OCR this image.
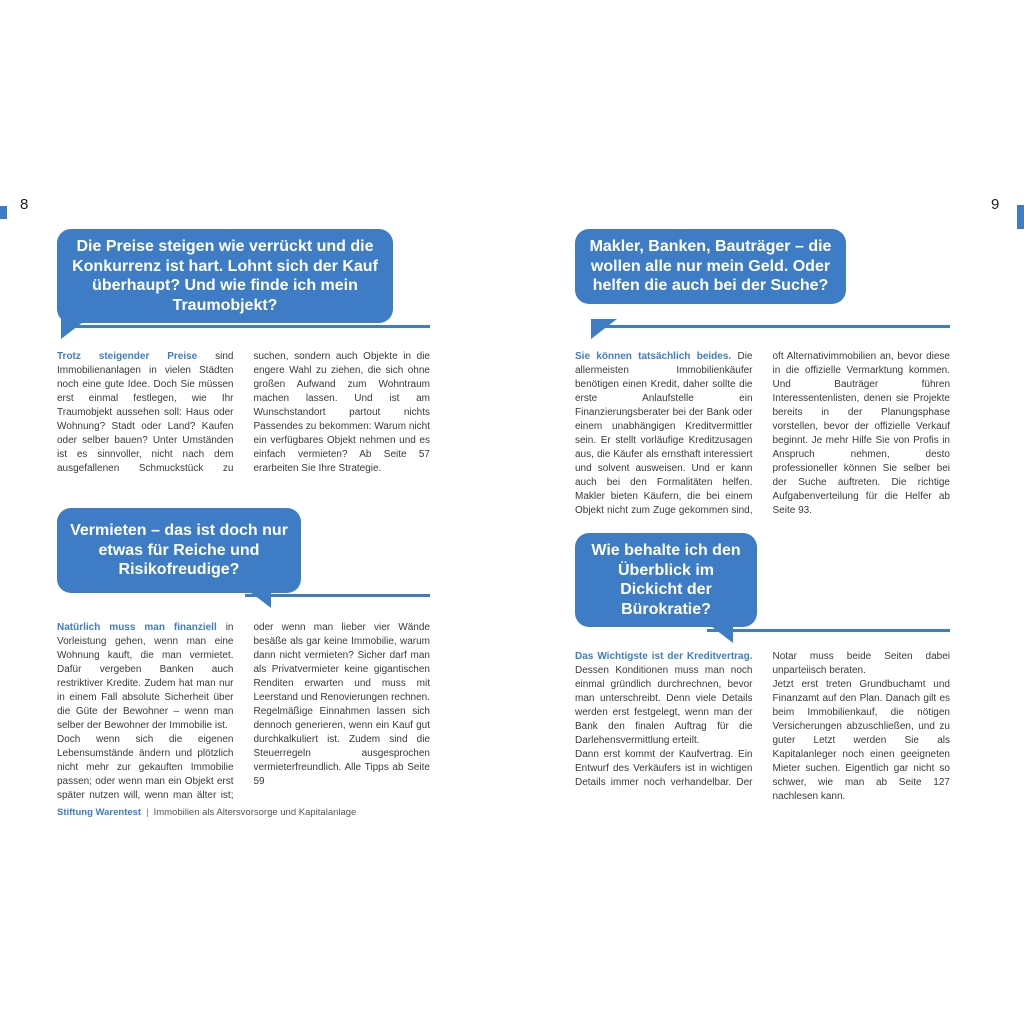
8	9
Die Preise steigen wie verrückt und die Konkurrenz ist hart. Lohnt sich der Kauf überhaupt? Und wie finde ich mein Traumobjekt?

Trotz steigender Preise sind Immobilienanlagen in vielen Städten noch eine gute Idee. Doch Sie müssen erst einmal festlegen, wie Ihr Traumobjekt aussehen soll: Haus oder Wohnung? Stadt oder Land? Kaufen oder selber bauen? Unter Umständen ist es sinnvoller, nicht nach dem ausgefallenen Schmuckstück zu suchen, sondern auch Objekte in die engere Wahl zu ziehen, die sich ohne großen Aufwand zum Wohntraum machen lassen. Und ist am Wunschstandort partout nichts Passendes zu bekommen: Warum nicht ein verfügbares Objekt nehmen und es einfach vermieten? Ab Seite 57 erarbeiten Sie Ihre Strategie.

Vermieten – das ist doch nur etwas für Reiche und Risikofreudige?

Natürlich muss man finanziell in Vorleistung gehen, wenn man eine Wohnung kauft, die man vermietet. Dafür vergeben Banken auch restriktiver Kredite. Zudem hat man nur in einem Fall absolute Sicherheit über die Güte der Bewohner – wenn man selber der Bewohner der Immobilie ist.

Doch wenn sich die eigenen Lebensumstände ändern und plötzlich nicht mehr zur gekauften Immobilie passen; oder wenn man ein Objekt erst später nutzen will, wenn man älter ist; oder wenn man lieber vier Wände besäße als gar keine Immobilie, warum dann nicht vermieten? Sicher darf man als Privatvermieter keine gigantischen Renditen erwarten und muss mit Leerstand und Renovierungen rechnen. Regelmäßige Einnahmen lassen sich dennoch generieren, wenn ein Kauf gut durchkalkuliert ist. Zudem sind die Steuerregeln ausgesprochen vermieterfreundlich. Alle Tipps ab Seite 59

Stiftung Warentest | Immobilien als Altersvorsorge und Kapitalanlage
Makler, Banken, Bauträger – die wollen alle nur mein Geld. Oder helfen die auch bei der Suche?

Sie können tatsächlich beides. Die allermeisten Immobilienkäufer benötigen einen Kredit, daher sollte die erste Anlaufstelle ein Finanzierungsberater bei der Bank oder einem unabhängigen Kreditvermittler sein. Er stellt vorläufige Kreditzusagen aus, die Käufer als ernsthaft interessiert und solvent ausweisen. Und er kann auch bei den Formalitäten helfen. Makler bieten Käufern, die bei einem Objekt nicht zum Zuge gekommen sind, oft Alternativimmobilien an, bevor diese in die offizielle Vermarktung kommen. Und Bauträger führen Interessentenlisten, denen sie Projekte bereits in der Planungsphase vorstellen, bevor der offizielle Verkauf beginnt. Je mehr Hilfe Sie von Profis in Anspruch nehmen, desto professioneller können Sie selber bei der Suche auftreten. Die richtige Aufgabenverteilung für die Helfer ab Seite 93.

Wie behalte ich den Überblick im Dickicht der Bürokratie?

Das Wichtigste ist der Kreditvertrag. Dessen Konditionen muss man noch einmal gründlich durchrechnen, bevor man unterschreibt. Denn viele Details werden erst festgelegt, wenn man der Bank den finalen Auftrag für die Darlehensvermittlung erteilt.

Dann erst kommt der Kaufvertrag. Ein Entwurf des Verkäufers ist in wichtigen Details immer noch verhandelbar. Der Notar muss beide Seiten dabei unparteiisch beraten.

Jetzt erst treten Grundbuchamt und Finanzamt auf den Plan. Danach gilt es beim Immobilienkauf, die nötigen Versicherungen abzuschließen, und zu guter Letzt werden Sie als Kapitalanleger noch einen geeigneten Mieter suchen. Eigentlich gar nicht so schwer, wie man ab Seite 127 nachlesen kann.
